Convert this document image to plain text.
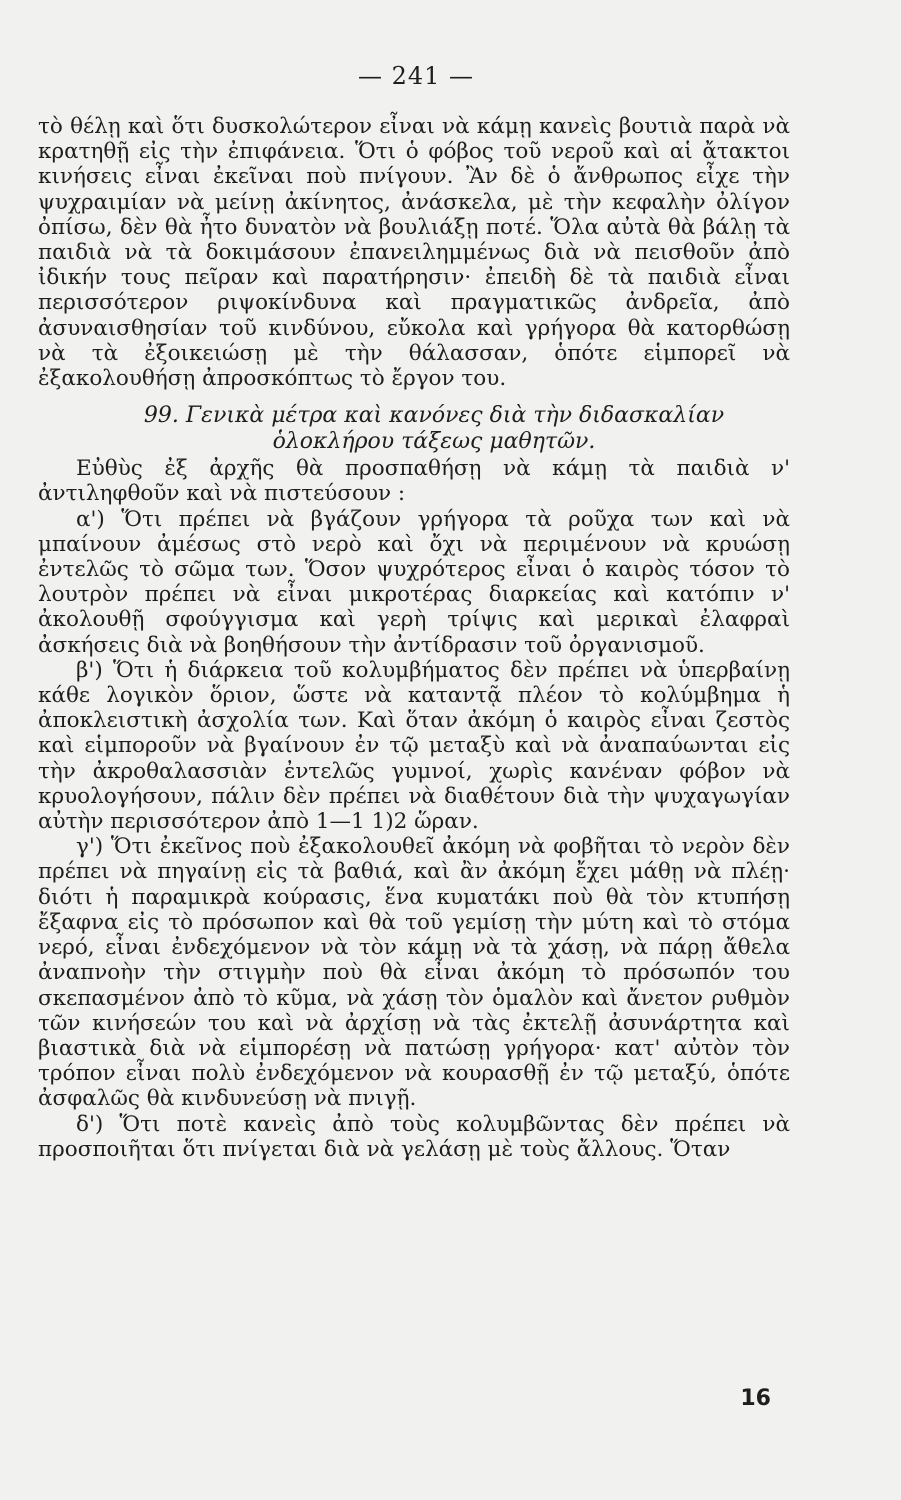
— 241 —

τὸ θέλῃ καὶ ὅτι δυσκολώτερον εἶναι νὰ κάμῃ κανεὶς βουτιὰ παρὰ νὰ κρατηθῇ εἰς τὴν ἐπιφάνεια. Ὅτι ὁ φόβος τοῦ νεροῦ καὶ αἱ ἄτακτοι κινήσεις εἶναι ἐκεῖναι ποὺ πνίγουν. Ἂν δὲ ὁ ἄνθρωπος εἶχε τὴν ψυχραιμίαν νὰ μείνῃ ἀκίνητος, ἀνάσκελα, μὲ τὴν κεφαλὴν ὀλίγον ὀπίσω, δὲν θὰ ἦτο δυνατὸν νὰ βουλιάξῃ ποτέ. Ὅλα αὐτὰ θὰ βάλῃ τὰ παιδιὰ νὰ τὰ δοκιμάσουν ἐπανειλημμένως διὰ νὰ πεισθοῦν ἀπὸ ἰδικήν τους πεῖραν καὶ παρατήρησιν· ἐπειδὴ δὲ τὰ παιδιὰ εἶναι περισσότερον ριψοκίνδυνα καὶ πραγματικῶς ἀνδρεῖα, ἀπὸ ἀσυναισθησίαν τοῦ κινδύνου, εὔκολα καὶ γρήγορα θὰ κατορθώσῃ νὰ τὰ ἐξοικειώσῃ μὲ τὴν θάλασσαν, ὁπότε εἱμπορεῖ νὰ ἐξακολουθήσῃ ἀπροσκόπτως τὸ ἔργον του.

99. Γενικὰ μέτρα καὶ κανόνες διὰ τὴν διδασκαλίαν
ὁλοκλήρου τάξεως μαθητῶν.

Εὐθὺς ἐξ ἀρχῆς θὰ προσπαθήσῃ νὰ κάμῃ τὰ παιδιὰ ν' ἀντιληφθοῦν καὶ νὰ πιστεύσουν :

α') Ὅτι πρέπει νὰ βγάζουν γρήγορα τὰ ροῦχα των καὶ νὰ μπαίνουν ἀμέσως στὸ νερὸ καὶ ὄχι νὰ περιμένουν νὰ κρυώσῃ ἐντελῶς τὸ σῶμα των. Ὅσον ψυχρότερος εἶναι ὁ καιρὸς τόσον τὸ λουτρὸν πρέπει νὰ εἶναι μικροτέρας διαρκείας καὶ κατόπιν ν' ἀκολουθῇ σφούγγισμα καὶ γερὴ τρίψις καὶ μερικαὶ ἐλαφραὶ ἀσκήσεις διὰ νὰ βοηθήσουν τὴν ἀντίδρασιν τοῦ ὀργανισμοῦ.

β') Ὅτι ἡ διάρκεια τοῦ κολυμβήματος δὲν πρέπει νὰ ὑπερβαίνῃ κάθε λογικὸν ὅριον, ὥστε νὰ καταντᾷ πλέον τὸ κολύμβημα ἡ ἀποκλειστικὴ ἀσχολία των. Καὶ ὅταν ἀκόμη ὁ καιρὸς εἶναι ζεστὸς καὶ εἱμποροῦν νὰ βγαίνουν ἐν τῷ μεταξὺ καὶ νὰ ἀναπαύωνται εἰς τὴν ἀκροθαλασσιὰν ἐντελῶς γυμνοί, χωρὶς κανέναν φόβον νὰ κρυολογήσουν, πάλιν δὲν πρέπει νὰ διαθέτουν διὰ τὴν ψυχαγωγίαν αὐτὴν περισσότερον ἀπὸ 1—1 1)2 ὥραν.

γ') Ὅτι ἐκεῖνος ποὺ ἐξακολουθεῖ ἀκόμη νὰ φοβῆται τὸ νερὸν δὲν πρέπει νὰ πηγαίνῃ εἰς τὰ βαθιά, καὶ ἂν ἀκόμη ἔχει μάθῃ νὰ πλέῃ· διότι ἡ παραμικρὰ κούρασις, ἕνα κυματάκι ποὺ θὰ τὸν κτυπήσῃ ἔξαφνα εἰς τὸ πρόσωπον καὶ θὰ τοῦ γεμίσῃ τὴν μύτη καὶ τὸ στόμα νερό, εἶναι ἐνδεχόμενον νὰ τὸν κάμῃ νὰ τὰ χάσῃ, νὰ πάρῃ ἄθελα ἀναπνοὴν τὴν στιγμὴν ποὺ θὰ εἶναι ἀκόμη τὸ πρόσωπόν του σκεπασμένον ἀπὸ τὸ κῦμα, νὰ χάσῃ τὸν ὁμαλὸν καὶ ἄνετον ρυθμὸν τῶν κινήσεών του καὶ νὰ ἀρχίσῃ νὰ τὰς ἐκτελῇ ἀσυνάρτητα καὶ βιαστικὰ διὰ νὰ εἱμπορέσῃ νὰ πατώσῃ γρήγορα· κατ' αὐτὸν τὸν τρόπον εἶναι πολὺ ἐνδεχόμενον νὰ κουρασθῇ ἐν τῷ μεταξύ, ὁπότε ἀσφαλῶς θὰ κινδυνεύσῃ νὰ πνιγῇ.

δ') Ὅτι ποτὲ κανεὶς ἀπὸ τοὺς κολυμβῶντας δὲν πρέπει νὰ προσποιῆται ὅτι πνίγεται διὰ νὰ γελάσῃ μὲ τοὺς ἄλλους. Ὅταν

16
